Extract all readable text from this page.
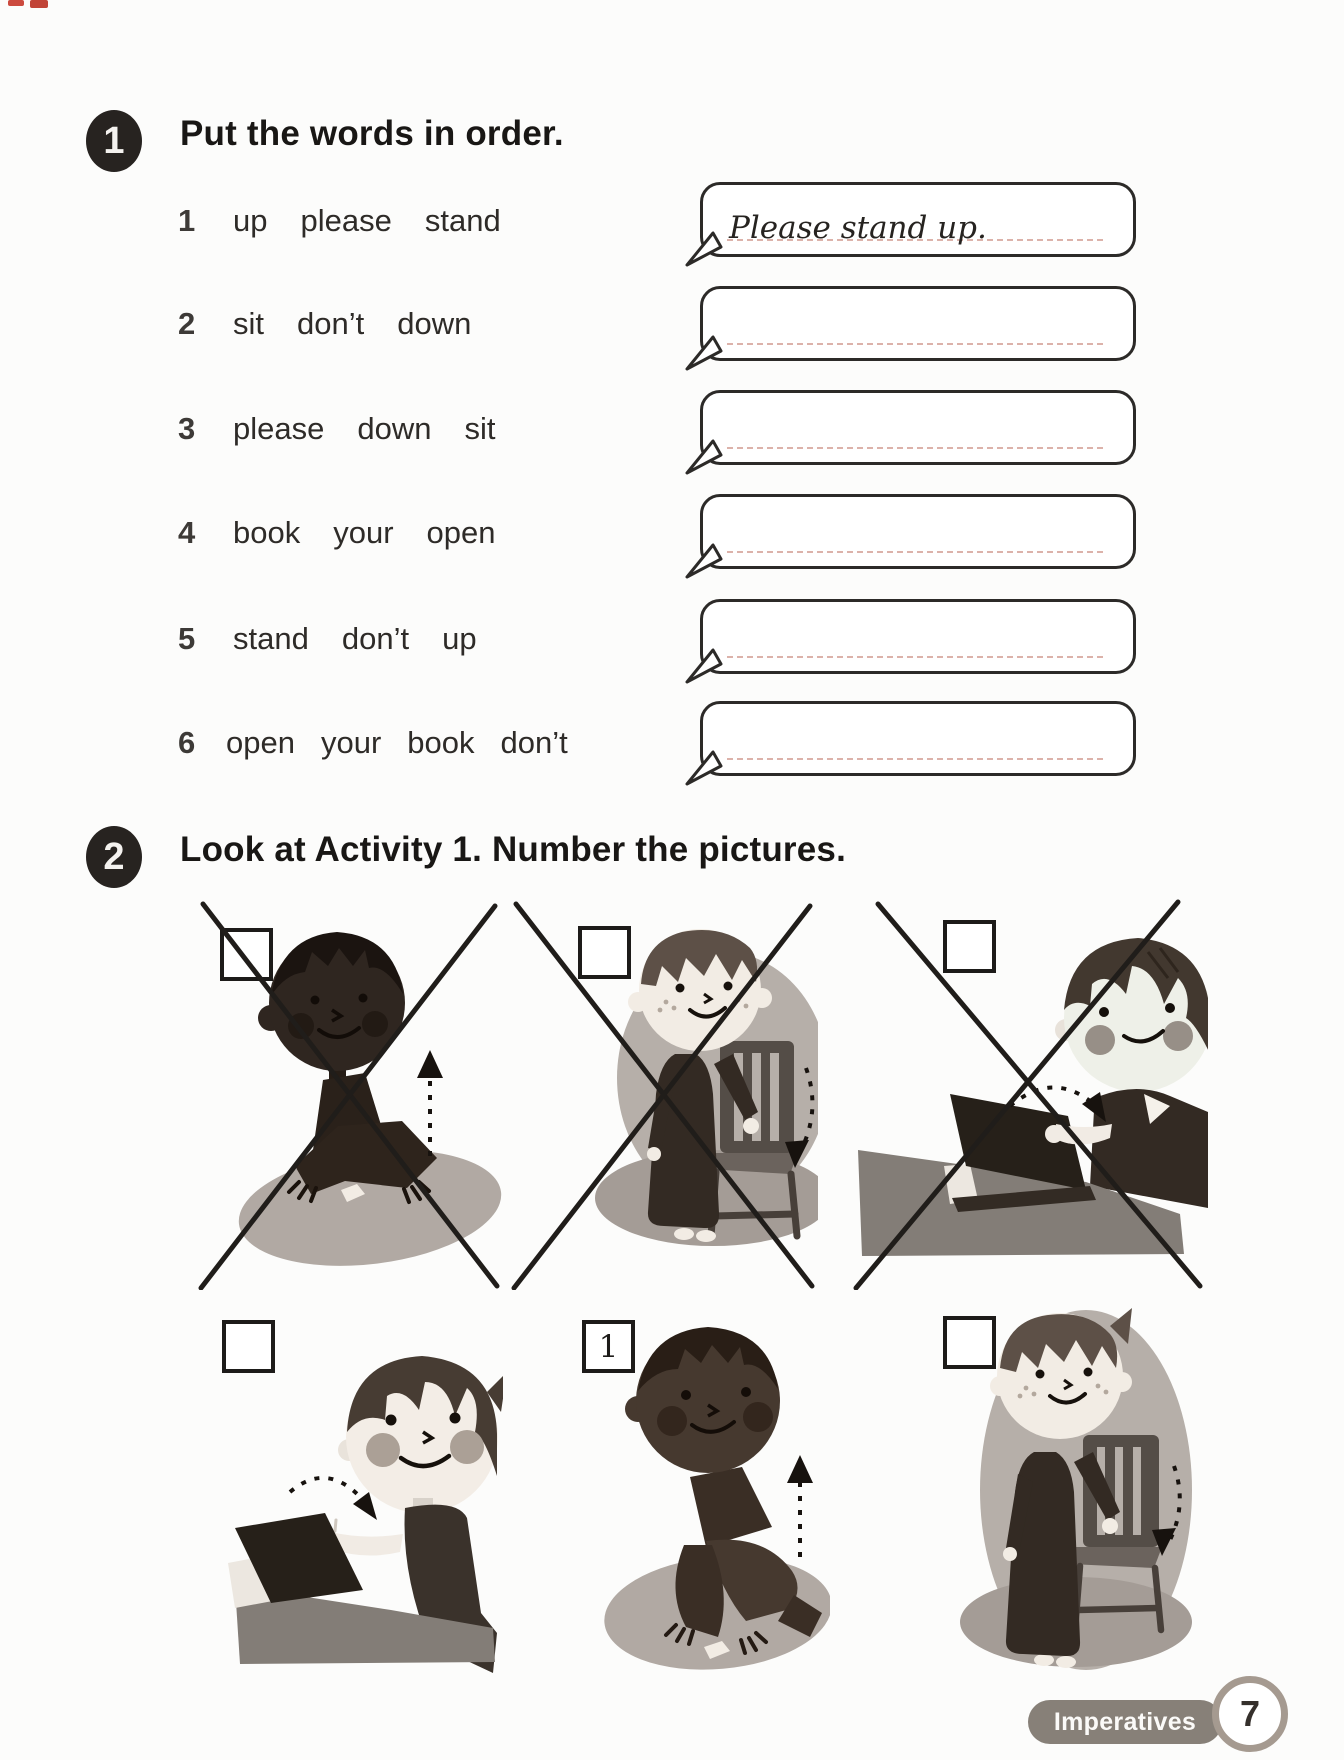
1 Put the words in order.
1 up please stand
2 sit don’t down
3 please down sit
4 book your open
5 stand don’t up
6 open your book don’t
Please stand up.
2 Look at Activity 1. Number the pictures.
1
Imperatives 7
